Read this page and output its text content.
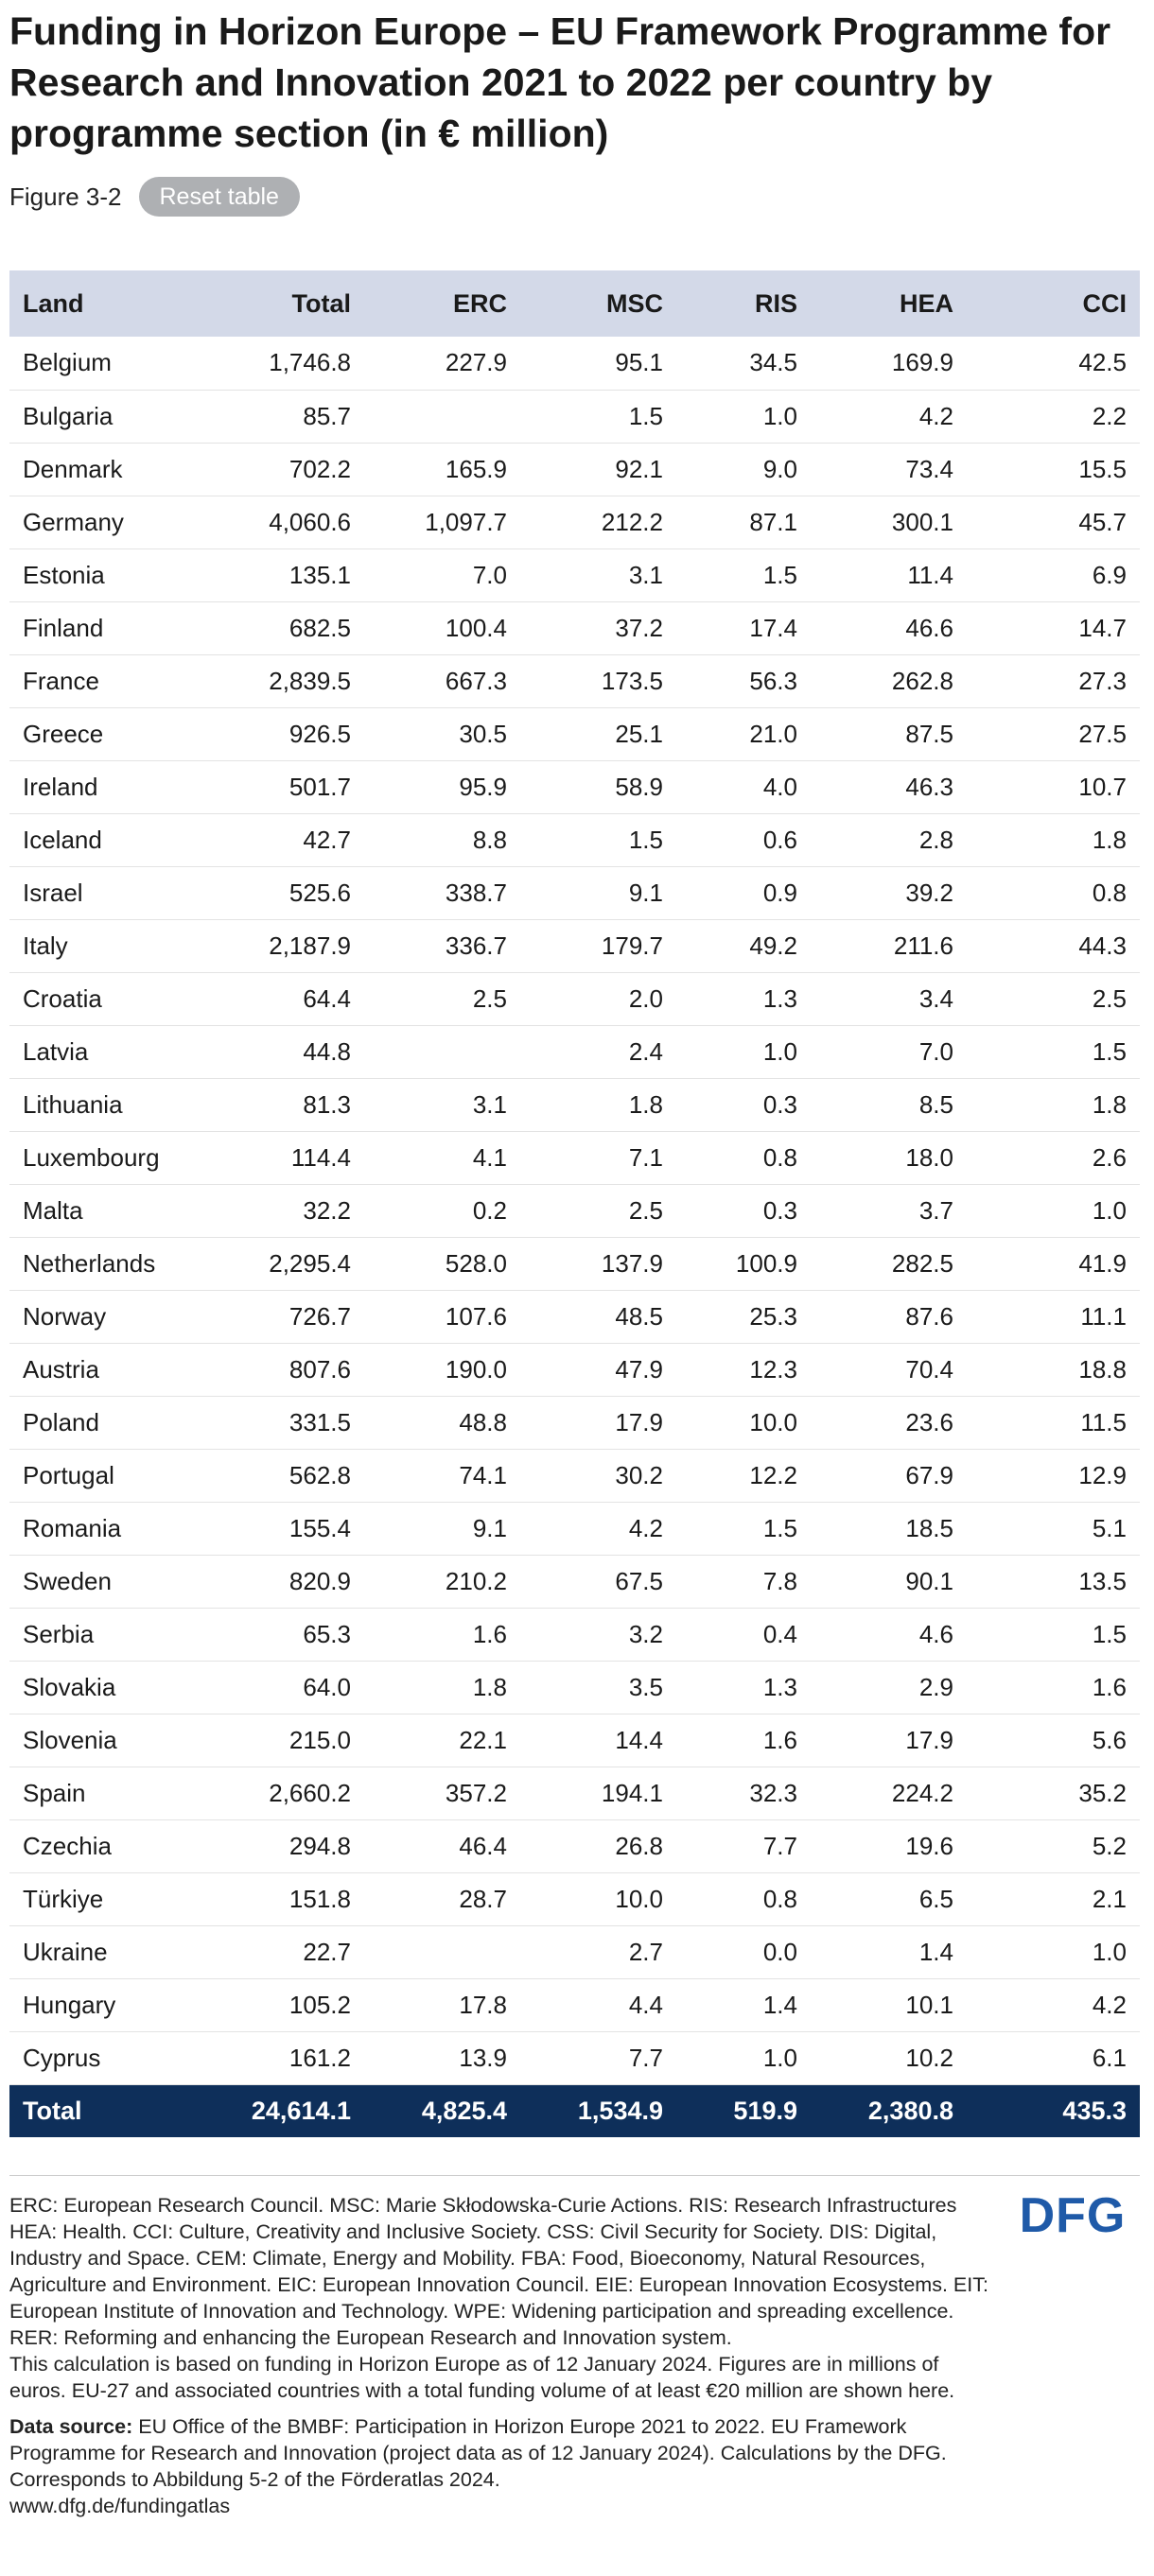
Funding in Horizon Europe – EU Framework Programme for Research and Innovation 2021 to 2022 per country by programme section (in € million)
Figure 3-2	Reset table
Land	Total	ERC	MSC	RIS	HEA	CCI
Belgium	1,746.8	227.9	95.1	34.5	169.9	42.5
Bulgaria	85.7		1.5	1.0	4.2	2.2
Denmark	702.2	165.9	92.1	9.0	73.4	15.5
Germany	4,060.6	1,097.7	212.2	87.1	300.1	45.7
Estonia	135.1	7.0	3.1	1.5	11.4	6.9
Finland	682.5	100.4	37.2	17.4	46.6	14.7
France	2,839.5	667.3	173.5	56.3	262.8	27.3
Greece	926.5	30.5	25.1	21.0	87.5	27.5
Ireland	501.7	95.9	58.9	4.0	46.3	10.7
Iceland	42.7	8.8	1.5	0.6	2.8	1.8
Israel	525.6	338.7	9.1	0.9	39.2	0.8
Italy	2,187.9	336.7	179.7	49.2	211.6	44.3
Croatia	64.4	2.5	2.0	1.3	3.4	2.5
Latvia	44.8		2.4	1.0	7.0	1.5
Lithuania	81.3	3.1	1.8	0.3	8.5	1.8
Luxembourg	114.4	4.1	7.1	0.8	18.0	2.6
Malta	32.2	0.2	2.5	0.3	3.7	1.0
Netherlands	2,295.4	528.0	137.9	100.9	282.5	41.9
Norway	726.7	107.6	48.5	25.3	87.6	11.1
Austria	807.6	190.0	47.9	12.3	70.4	18.8
Poland	331.5	48.8	17.9	10.0	23.6	11.5
Portugal	562.8	74.1	30.2	12.2	67.9	12.9
Romania	155.4	9.1	4.2	1.5	18.5	5.1
Sweden	820.9	210.2	67.5	7.8	90.1	13.5
Serbia	65.3	1.6	3.2	0.4	4.6	1.5
Slovakia	64.0	1.8	3.5	1.3	2.9	1.6
Slovenia	215.0	22.1	14.4	1.6	17.9	5.6
Spain	2,660.2	357.2	194.1	32.3	224.2	35.2
Czechia	294.8	46.4	26.8	7.7	19.6	5.2
Türkiye	151.8	28.7	10.0	0.8	6.5	2.1
Ukraine	22.7		2.7	0.0	1.4	1.0
Hungary	105.2	17.8	4.4	1.4	10.1	4.2
Cyprus	161.2	13.9	7.7	1.0	10.2	6.1
Total	24,614.1	4,825.4	1,534.9	519.9	2,380.8	435.3

ERC: European Research Council. MSC: Marie Skłodowska-Curie Actions. RIS: Research Infrastructures HEA: Health. CCI: Culture, Creativity and Inclusive Society. CSS: Civil Security for Society. DIS: Digital, Industry and Space. CEM: Climate, Energy and Mobility. FBA: Food, Bioeconomy, Natural Resources, Agriculture and Environment. EIC: European Innovation Council. EIE: European Innovation Ecosystems. EIT: European Institute of Innovation and Technology. WPE: Widening participation and spreading excellence. RER: Reforming and enhancing the European Research and Innovation system.

This calculation is based on funding in Horizon Europe as of 12 January 2024. Figures are in millions of euros. EU-27 and associated countries with a total funding volume of at least €20 million are shown here.

Data source: EU Office of the BMBF: Participation in Horizon Europe 2021 to 2022. EU Framework Programme for Research and Innovation (project data as of 12 January 2024). Calculations by the DFG. Corresponds to Abbildung 5-2 of the Förderatlas 2024.

www.dfg.de/fundingatlas

DFG
